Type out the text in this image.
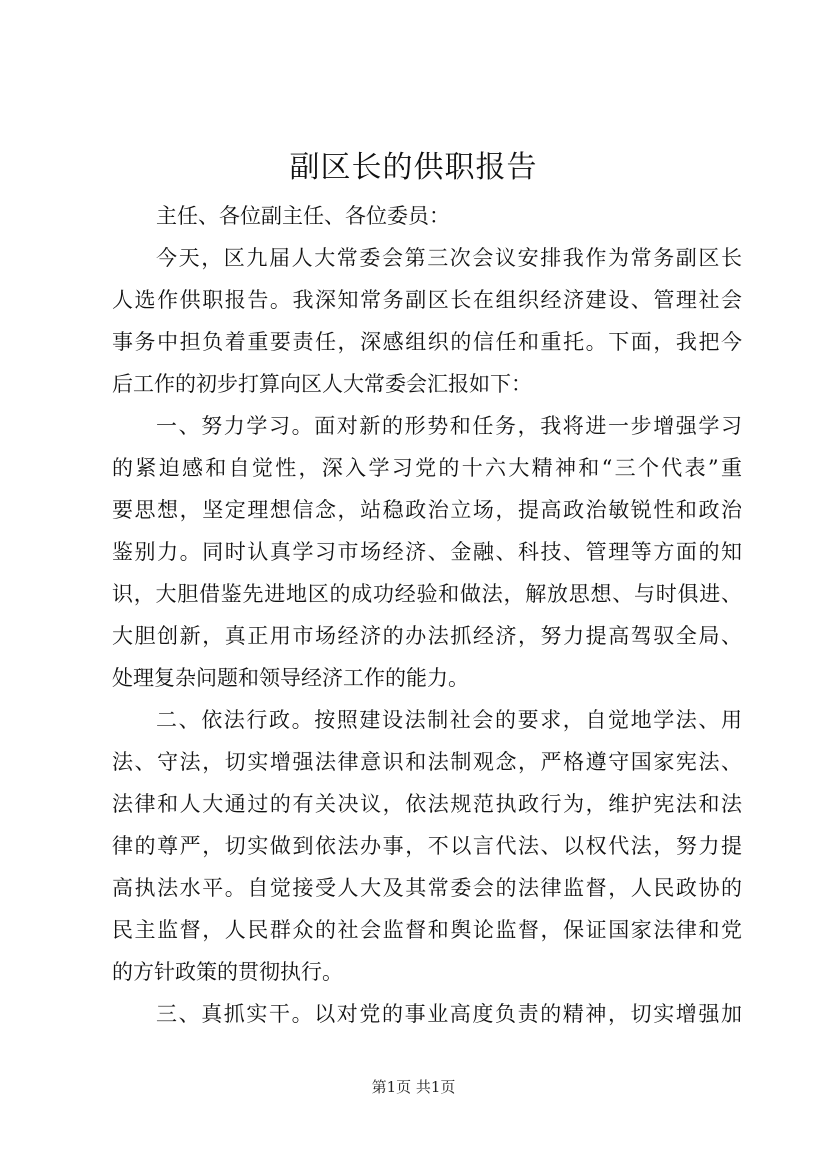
副区长的供职报告
主任、各位副主任、各位委员：
今天，区九届人大常委会第三次会议安排我作为常务副区长
人选作供职报告。我深知常务副区长在组织经济建设、管理社会
事务中担负着重要责任，深感组织的信任和重托。下面，我把今
后工作的初步打算向区人大常委会汇报如下：
一、努力学习。面对新的形势和任务，我将进一步增强学习
的紧迫感和自觉性，深入学习党的十六大精神和“三个代表”重
要思想，坚定理想信念，站稳政治立场，提高政治敏锐性和政治
鉴别力。同时认真学习市场经济、金融、科技、管理等方面的知
识，大胆借鉴先进地区的成功经验和做法，解放思想、与时俱进、
大胆创新，真正用市场经济的办法抓经济，努力提高驾驭全局、
处理复杂问题和领导经济工作的能力。
二、依法行政。按照建设法制社会的要求，自觉地学法、用
法、守法，切实增强法律意识和法制观念，严格遵守国家宪法、
法律和人大通过的有关决议，依法规范执政行为，维护宪法和法
律的尊严，切实做到依法办事，不以言代法、以权代法，努力提
高执法水平。自觉接受人大及其常委会的法律监督，人民政协的
民主监督，人民群众的社会监督和舆论监督，保证国家法律和党
的方针政策的贯彻执行。
三、真抓实干。以对党的事业高度负责的精神，切实增强加
第1页 共1页
